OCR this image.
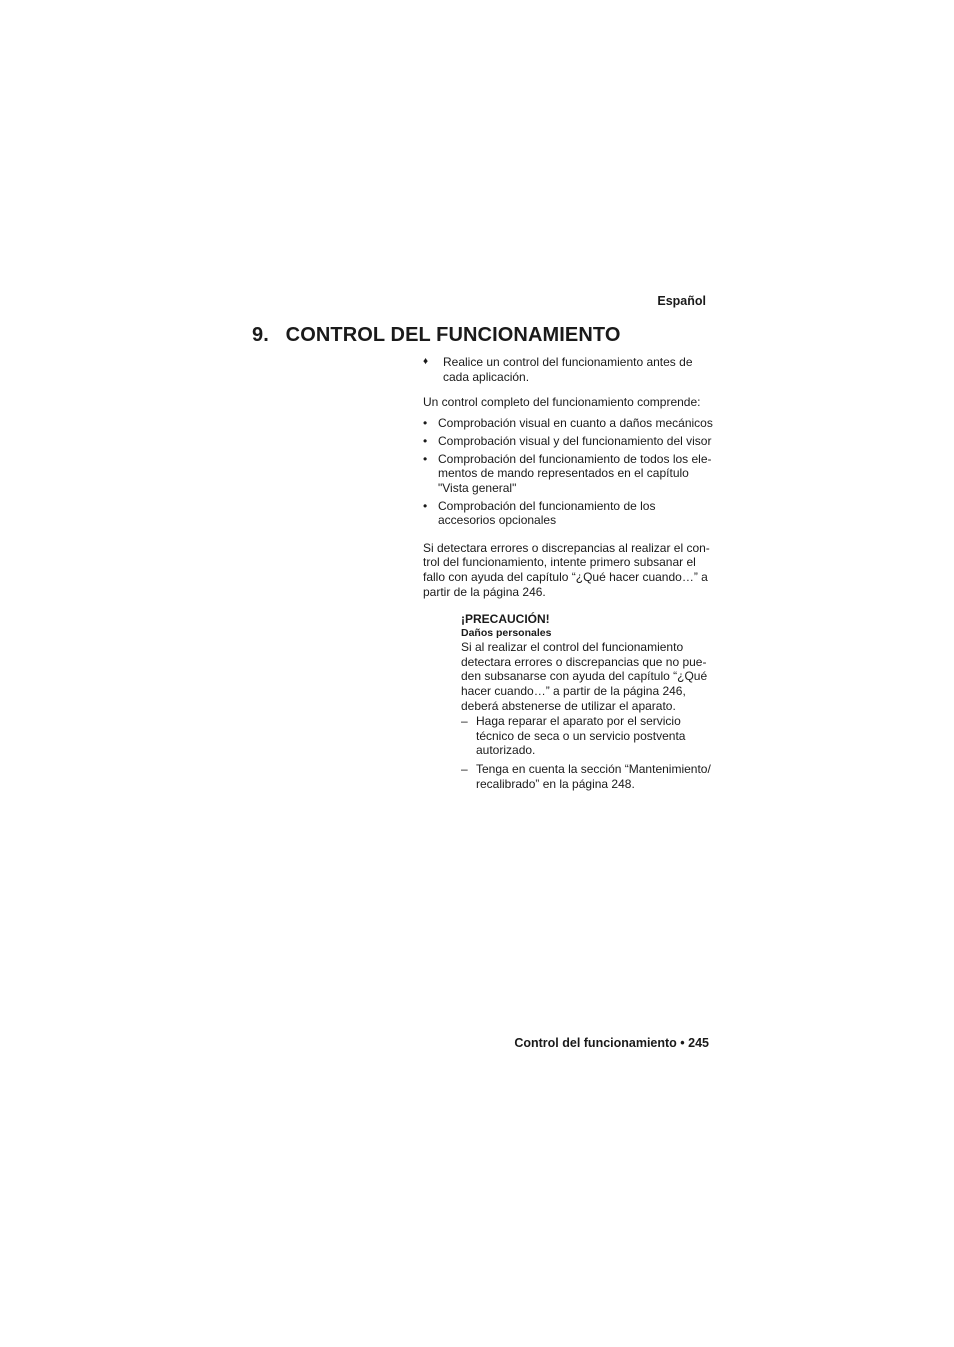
Español
9. CONTROL DEL FUNCIONAMIENTO
♦	Realice un control del funcionamiento antes de cada aplicación.

Un control completo del funcionamiento comprende:

• Comprobación visual en cuanto a daños mecánicos
• Comprobación visual y del funcionamiento del visor
• Comprobación del funcionamiento de todos los ele- mentos de mando representados en el capítulo "Vista general"
• Comprobación del funcionamiento de los accesorios opcionales

Si detectara errores o discrepancias al realizar el con- trol del funcionamiento, intente primero subsanar el fallo con ayuda del capítulo “¿Qué hacer cuando…” a partir de la página 246.

¡PRECAUCIÓN!
Daños personales
Si al realizar el control del funcionamiento detectara errores o discrepancias que no pue- den subsanarse con ayuda del capítulo “¿Qué hacer cuando…” a partir de la página 246, deberá abstenerse de utilizar el aparato.
– Haga reparar el aparato por el servicio técnico de seca o un servicio postventa autorizado.
– Tenga en cuenta la sección “Mantenimiento/ recalibrado” en la página 248.
Control del funcionamiento • 245
